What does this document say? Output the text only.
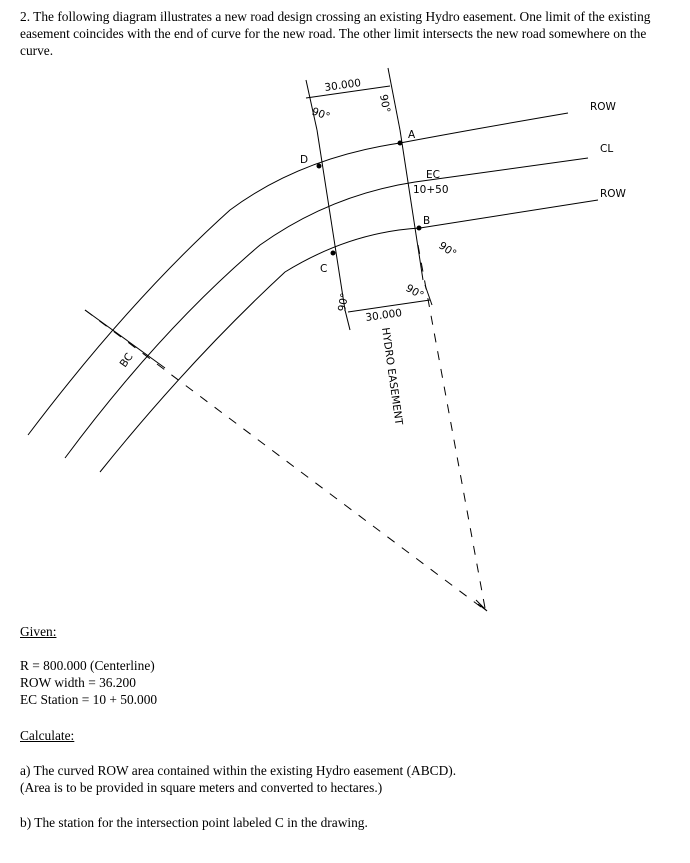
2. The following diagram illustrates a new road design crossing an existing Hydro easement. One limit of the existing easement coincides with the end of curve for the new road. The other limit intersects the new road somewhere on the curve.

ROW
CL
ROW
30.000
90°
90°
A
D
EC
10+50
B
90°
C
90°
90°
30.000
HYDRO EASEMENT
BC

Given:

R = 800.000 (Centerline)

ROW width = 36.200

EC Station = 10 + 50.000

Calculate:

a) The curved ROW area contained within the existing Hydro easement (ABCD).

(Area is to be provided in square meters and converted to hectares.)

b) The station for the intersection point labeled C in the drawing.
